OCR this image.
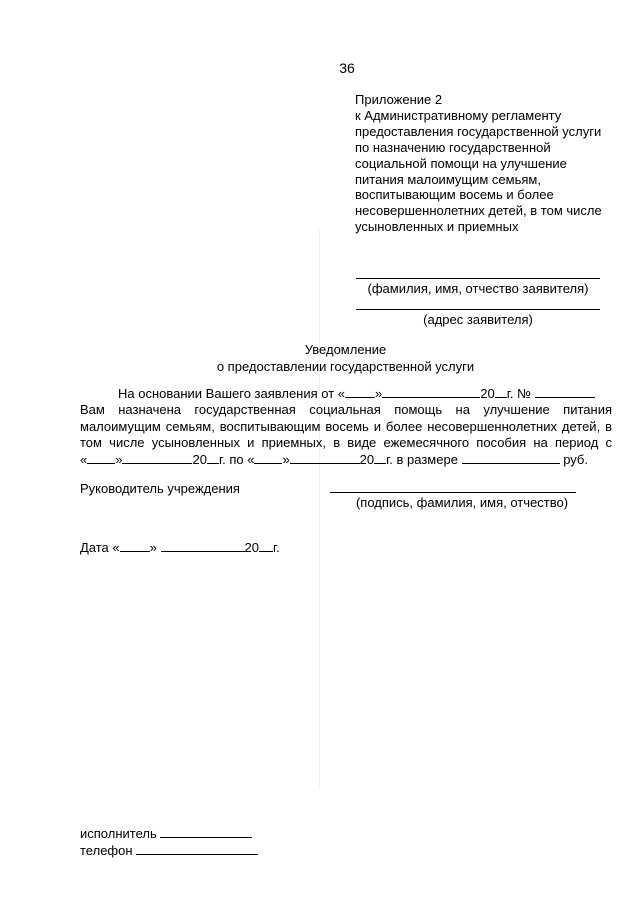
36
Приложение 2
к Административному регламенту
предоставления государственной услуги
по назначению государственной
социальной помощи на улучшение
питания малоимущим семьям,
воспитывающим восемь и более
несовершеннолетних детей, в том числе
усыновленных и приемных
(фамилия, имя, отчество заявителя)
(адрес заявителя)
Уведомление
о предоставлении государственной услуги
На основании Вашего заявления от « »	20 г. №
Вам назначена государственная социальная помощь на улучшение питания
малоимущим семьям, воспитывающим восемь и более несовершеннолетних детей, в
том числе усыновленных и приемных, в виде ежемесячного пособия на период с
« »	20 г. по « »	20 г. в размере	руб.
Руководитель учреждения
(подпись, фамилия, имя, отчество)
Дата « »	20 г.
исполнитель
телефон
